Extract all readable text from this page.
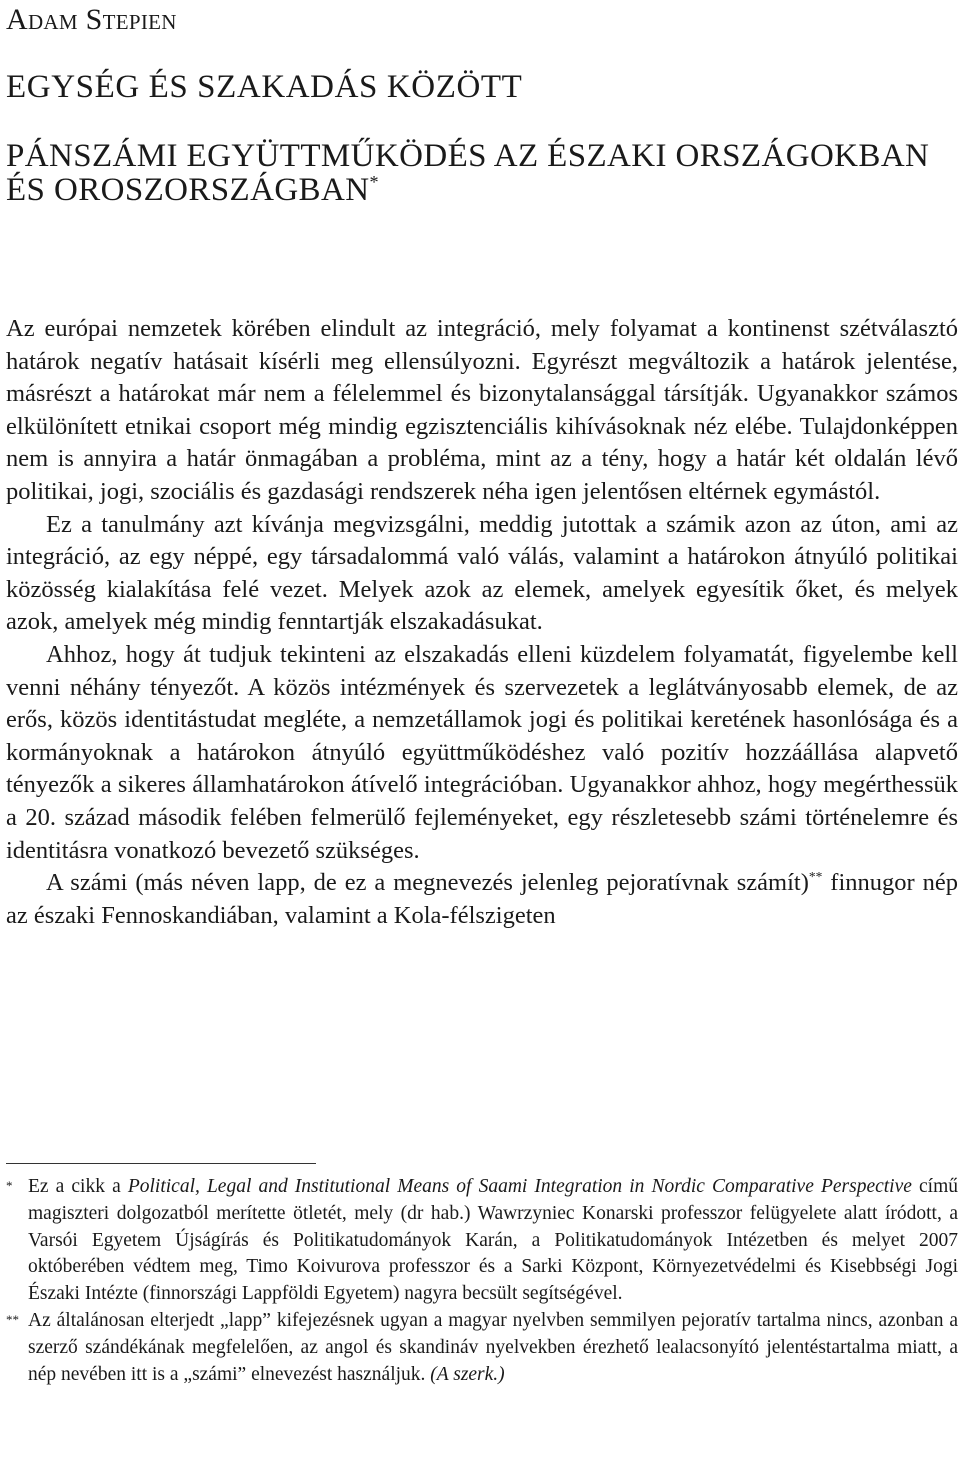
Adam Stepien
EGYSÉG ÉS SZAKADÁS KÖZÖTT
PÁNSZÁMI EGYÜTTMŰKÖDÉS AZ ÉSZAKI ORSZÁGOKBAN
ÉS OROSZORSZÁGBAN*

Az európai nemzetek körében elindult az integráció, mely folyamat a kontinenst szétválasztó határok negatív hatásait kísérli meg ellensúlyozni. Egyrészt megváltozik a határok jelentése, másrészt a határokat már nem a félelemmel és bizonytalansággal társítják. Ugyanakkor számos elkülönített etnikai csoport még mindig egzisztenciális kihívásoknak néz elébe. Tulajdonképpen nem is annyira a határ önmagában a probléma, mint az a tény, hogy a határ két oldalán lévő politikai, jogi, szociális és gazdasági rendszerek néha igen jelentősen eltérnek egymástól.

Ez a tanulmány azt kívánja megvizsgálni, meddig jutottak a számik azon az úton, ami az integráció, az egy néppé, egy társadalommá való válás, valamint a határokon átnyúló politikai közösség kialakítása felé vezet. Melyek azok az elemek, amelyek egyesítik őket, és melyek azok, amelyek még mindig fenntartják elszakadásukat.

Ahhoz, hogy át tudjuk tekinteni az elszakadás elleni küzdelem folyamatát, figyelembe kell venni néhány tényezőt. A közös intézmények és szervezetek a leglátványosabb elemek, de az erős, közös identitástudat megléte, a nemzetállamok jogi és politikai keretének hasonlósága és a kormányoknak a határokon átnyúló együttműködéshez való pozitív hozzáállása alapvető tényezők a sikeres államhatárokon átívelő integrációban. Ugyanakkor ahhoz, hogy megérthessük a 20. század második felében felmerülő fejleményeket, egy részletesebb számi történelemre és identitásra vonatkozó bevezető szükséges.

A számi (más néven lapp, de ez a megnevezés jelenleg pejoratívnak számít)** finnugor nép az északi Fennoskandiában, valamint a Kola-félszigeten

* Ez a cikk a Political, Legal and Institutional Means of Saami Integration in Nordic Comparative Perspective című magiszteri dolgozatból merítette ötletét, mely (dr hab.) Wawrzyniec Konarski professzor felügyelete alatt íródott, a Varsói Egyetem Újságírás és Politikatudományok Karán, a Politikatudományok Intézetben és melyet 2007 októberében védtem meg, Timo Koivurova professzor és a Sarki Központ, Környezetvédelmi és Kisebbségi Jogi Északi Intézte (finnországi Lappföldi Egyetem) nagyra becsült segítségével.

** Az általánosan elterjedt „lapp” kifejezésnek ugyan a magyar nyelvben semmilyen pejoratív tartalma nincs, azonban a szerző szándékának megfelelően, az angol és skandináv nyelvekben érezhető lealacsonyító jelentéstartalma miatt, a nép nevében itt is a „számi” elnevezést használjuk. (A szerk.)
